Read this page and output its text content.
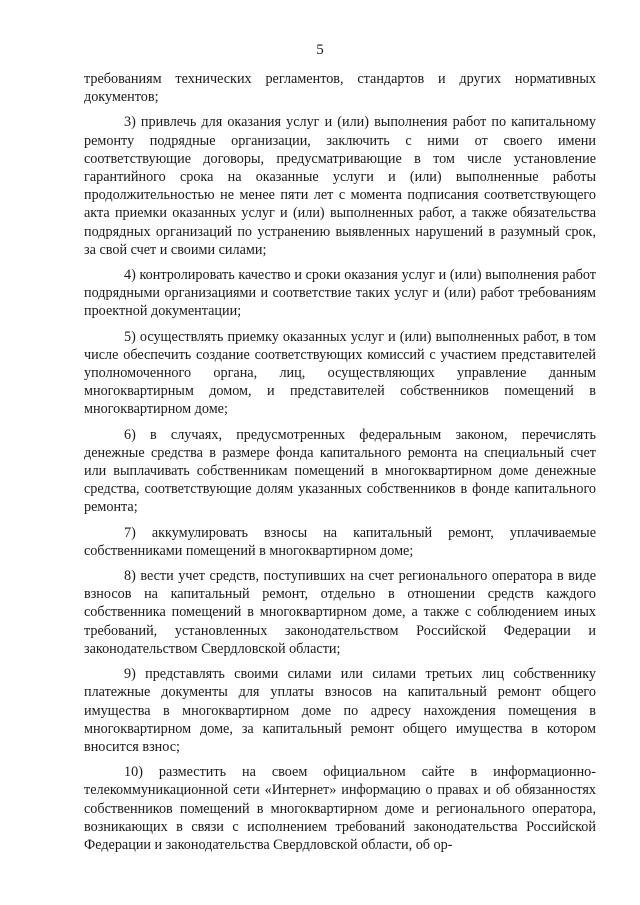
5

требованиям технических регламентов, стандартов и других нормативных документов;

3) привлечь для оказания услуг и (или) выполнения работ по капитальному ремонту подрядные организации, заключить с ними от своего имени соответствующие договоры, предусматривающие в том числе установление гарантийного срока на оказанные услуги и (или) выполненные работы продолжительностью не менее пяти лет с момента подписания соответствующего акта приемки оказанных услуг и (или) выполненных работ, а также обязательства подрядных организаций по устранению выявленных нарушений в разумный срок, за свой счет и своими силами;

4) контролировать качество и сроки оказания услуг и (или) выполнения работ подрядными организациями и соответствие таких услуг и (или) работ требованиям проектной документации;

5) осуществлять приемку оказанных услуг и (или) выполненных работ, в том числе обеспечить создание соответствующих комиссий с участием представителей уполномоченного органа, лиц, осуществляющих управление данным многоквартирным домом, и представителей собственников помещений в многоквартирном доме;

6) в случаях, предусмотренных федеральным законом, перечислять денежные средства в размере фонда капитального ремонта на специальный счет или выплачивать собственникам помещений в многоквартирном доме денежные средства, соответствующие долям указанных собственников в фонде капитального ремонта;

7) аккумулировать взносы на капитальный ремонт, уплачиваемые собственниками помещений в многоквартирном доме;

8) вести учет средств, поступивших на счет регионального оператора в виде взносов на капитальный ремонт, отдельно в отношении средств каждого собственника помещений в многоквартирном доме, а также с соблюдением иных требований, установленных законодательством Российской Федерации и законодательством Свердловской области;

9) представлять своими силами или силами третьих лиц собственнику платежные документы для уплаты взносов на капитальный ремонт общего имущества в многоквартирном доме по адресу нахождения помещения в многоквартирном доме, за капитальный ремонт общего имущества в котором вносится взнос;

10) разместить на своем официальном сайте в информационно-телекоммуникационной сети «Интернет» информацию о правах и об обязанностях собственников помещений в многоквартирном доме и регионального оператора, возникающих в связи с исполнением требований законодательства Российской Федерации и законодательства Свердловской области, об ор-
